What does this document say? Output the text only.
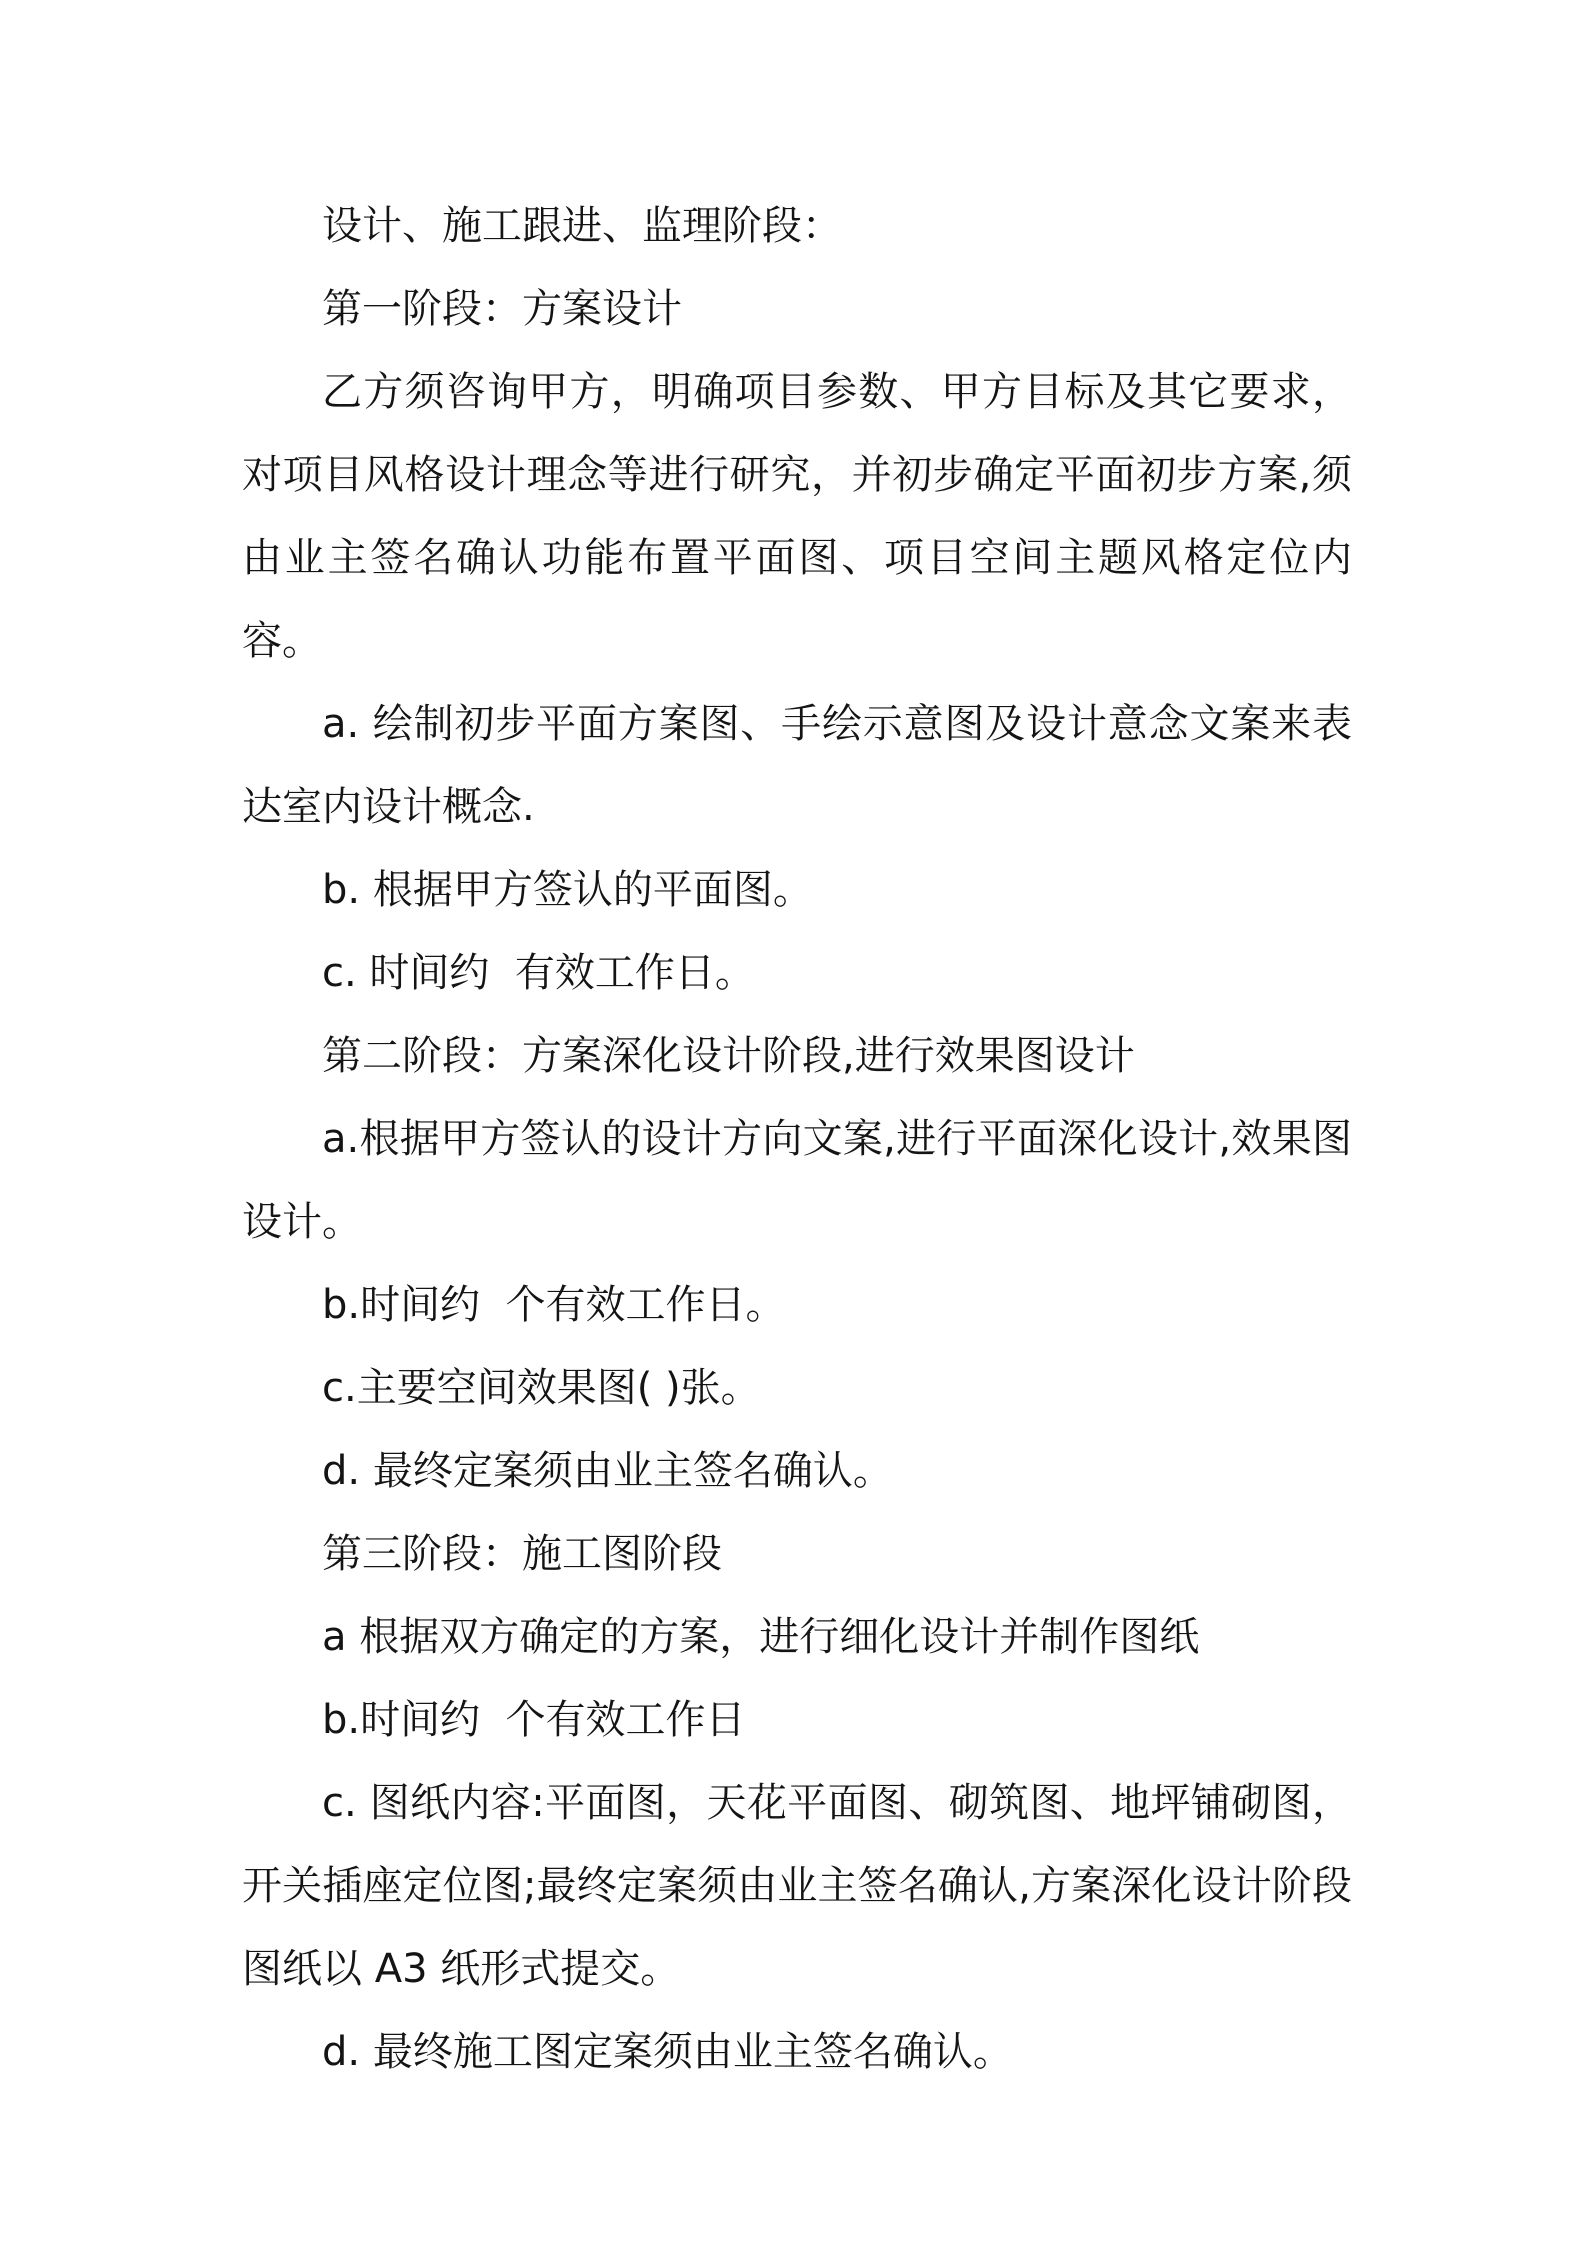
设计、施工跟进、监理阶段：

第一阶段：方案设计

乙方须咨询甲方，明确项目参数、甲方目标及其它要求，对项目风格设计理念等进行研究，并初步确定平面初步方案,须由业主签名确认功能布置平面图、项目空间主题风格定位内容。

a. 绘制初步平面方案图、手绘示意图及设计意念文案来表达室内设计概念.

b. 根据甲方签认的平面图。

c. 时间约  有效工作日。

第二阶段：方案深化设计阶段,进行效果图设计

a.根据甲方签认的设计方向文案,进行平面深化设计,效果图设计。

b.时间约  个有效工作日。

c.主要空间效果图( )张。

d. 最终定案须由业主签名确认。

第三阶段：施工图阶段

a 根据双方确定的方案，进行细化设计并制作图纸

b.时间约  个有效工作日

c. 图纸内容:平面图，天花平面图、砌筑图、地坪铺砌图，开关插座定位图;最终定案须由业主签名确认,方案深化设计阶段图纸以 A3 纸形式提交。

d. 最终施工图定案须由业主签名确认。
